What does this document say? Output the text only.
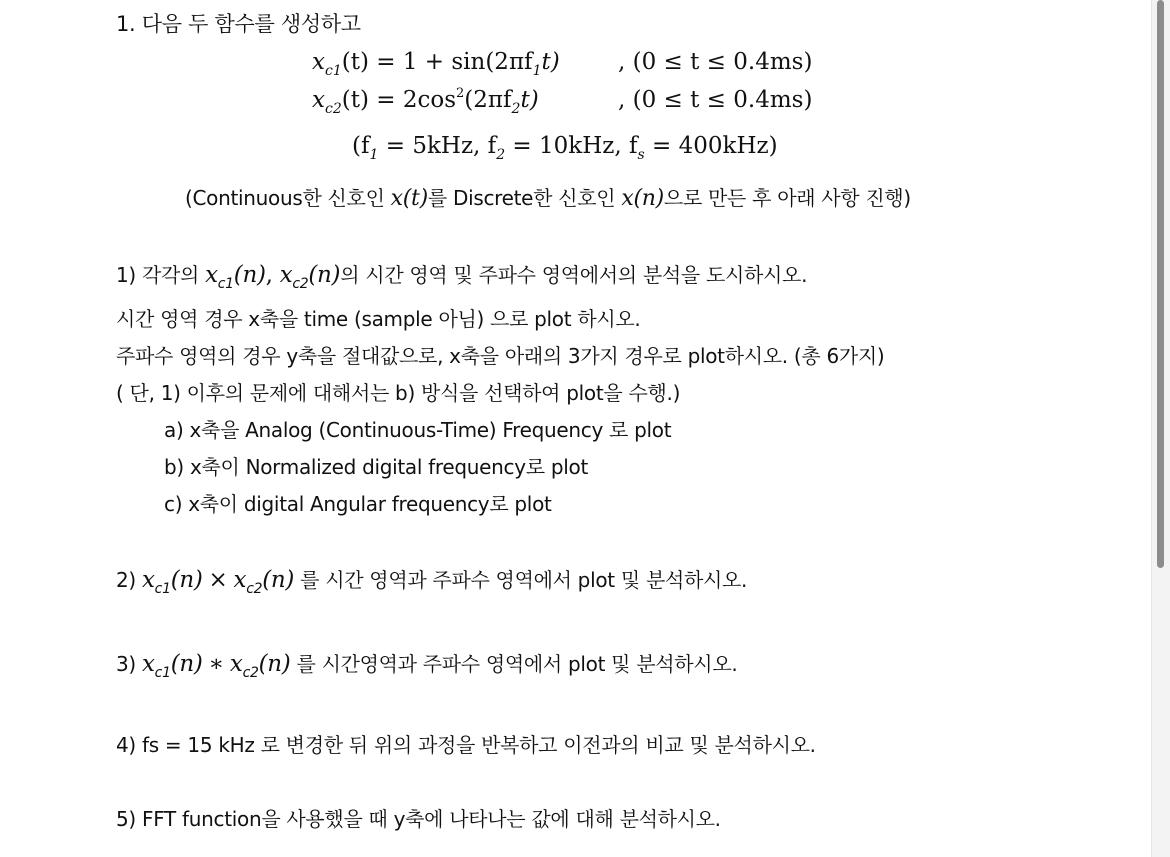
1. 다음 두 함수를 생성하고
$x_{c1}(t) = 1 + \sin(2\pi f_1t)$	, (0 ≤ t ≤ 0.4ms)
$x_{c2}(t) = 2\cos^2(2\pi f_2t)$	, (0 ≤ t ≤ 0.4ms)
($f_1 = 5kHz$, $f_2 = 10kHz$, $f_s = 400kHz$)
(Continuous한 신호인 x(t)를 Discrete한 신호인 x(n)으로 만든 후 아래 사항 진행)
1) 각각의 $x_{c1}(n)$, $x_{c2}(n)$의 시간 영역 및 주파수 영역에서의 분석을 도시하시오.
시간 영역 경우 x축을 time (sample 아님) 으로 plot 하시오.
주파수 영역의 경우 y축을 절대값으로, x축을 아래의 3가지 경우로 plot하시오. (총 6가지)
( 단, 1) 이후의 문제에 대해서는 b) 방식을 선택하여 plot을 수행.)
a) x축을 Analog (Continuous-Time) Frequency 로 plot
b) x축이 Normalized digital frequency로 plot
c) x축이 digital Angular frequency로 plot
2) $x_{c1}(n) \times x_{c2}(n)$ 를 시간 영역과 주파수 영역에서 plot 및 분석하시오.
3) $x_{c1}(n)$ ∗ $x_{c2}(n)$ 를 시간영역과 주파수 영역에서 plot 및 분석하시오.
4) fs = 15 kHz 로 변경한 뒤 위의 과정을 반복하고 이전과의 비교 및 분석하시오.
5) FFT function을 사용했을 때 y축에 나타나는 값에 대해 분석하시오.
